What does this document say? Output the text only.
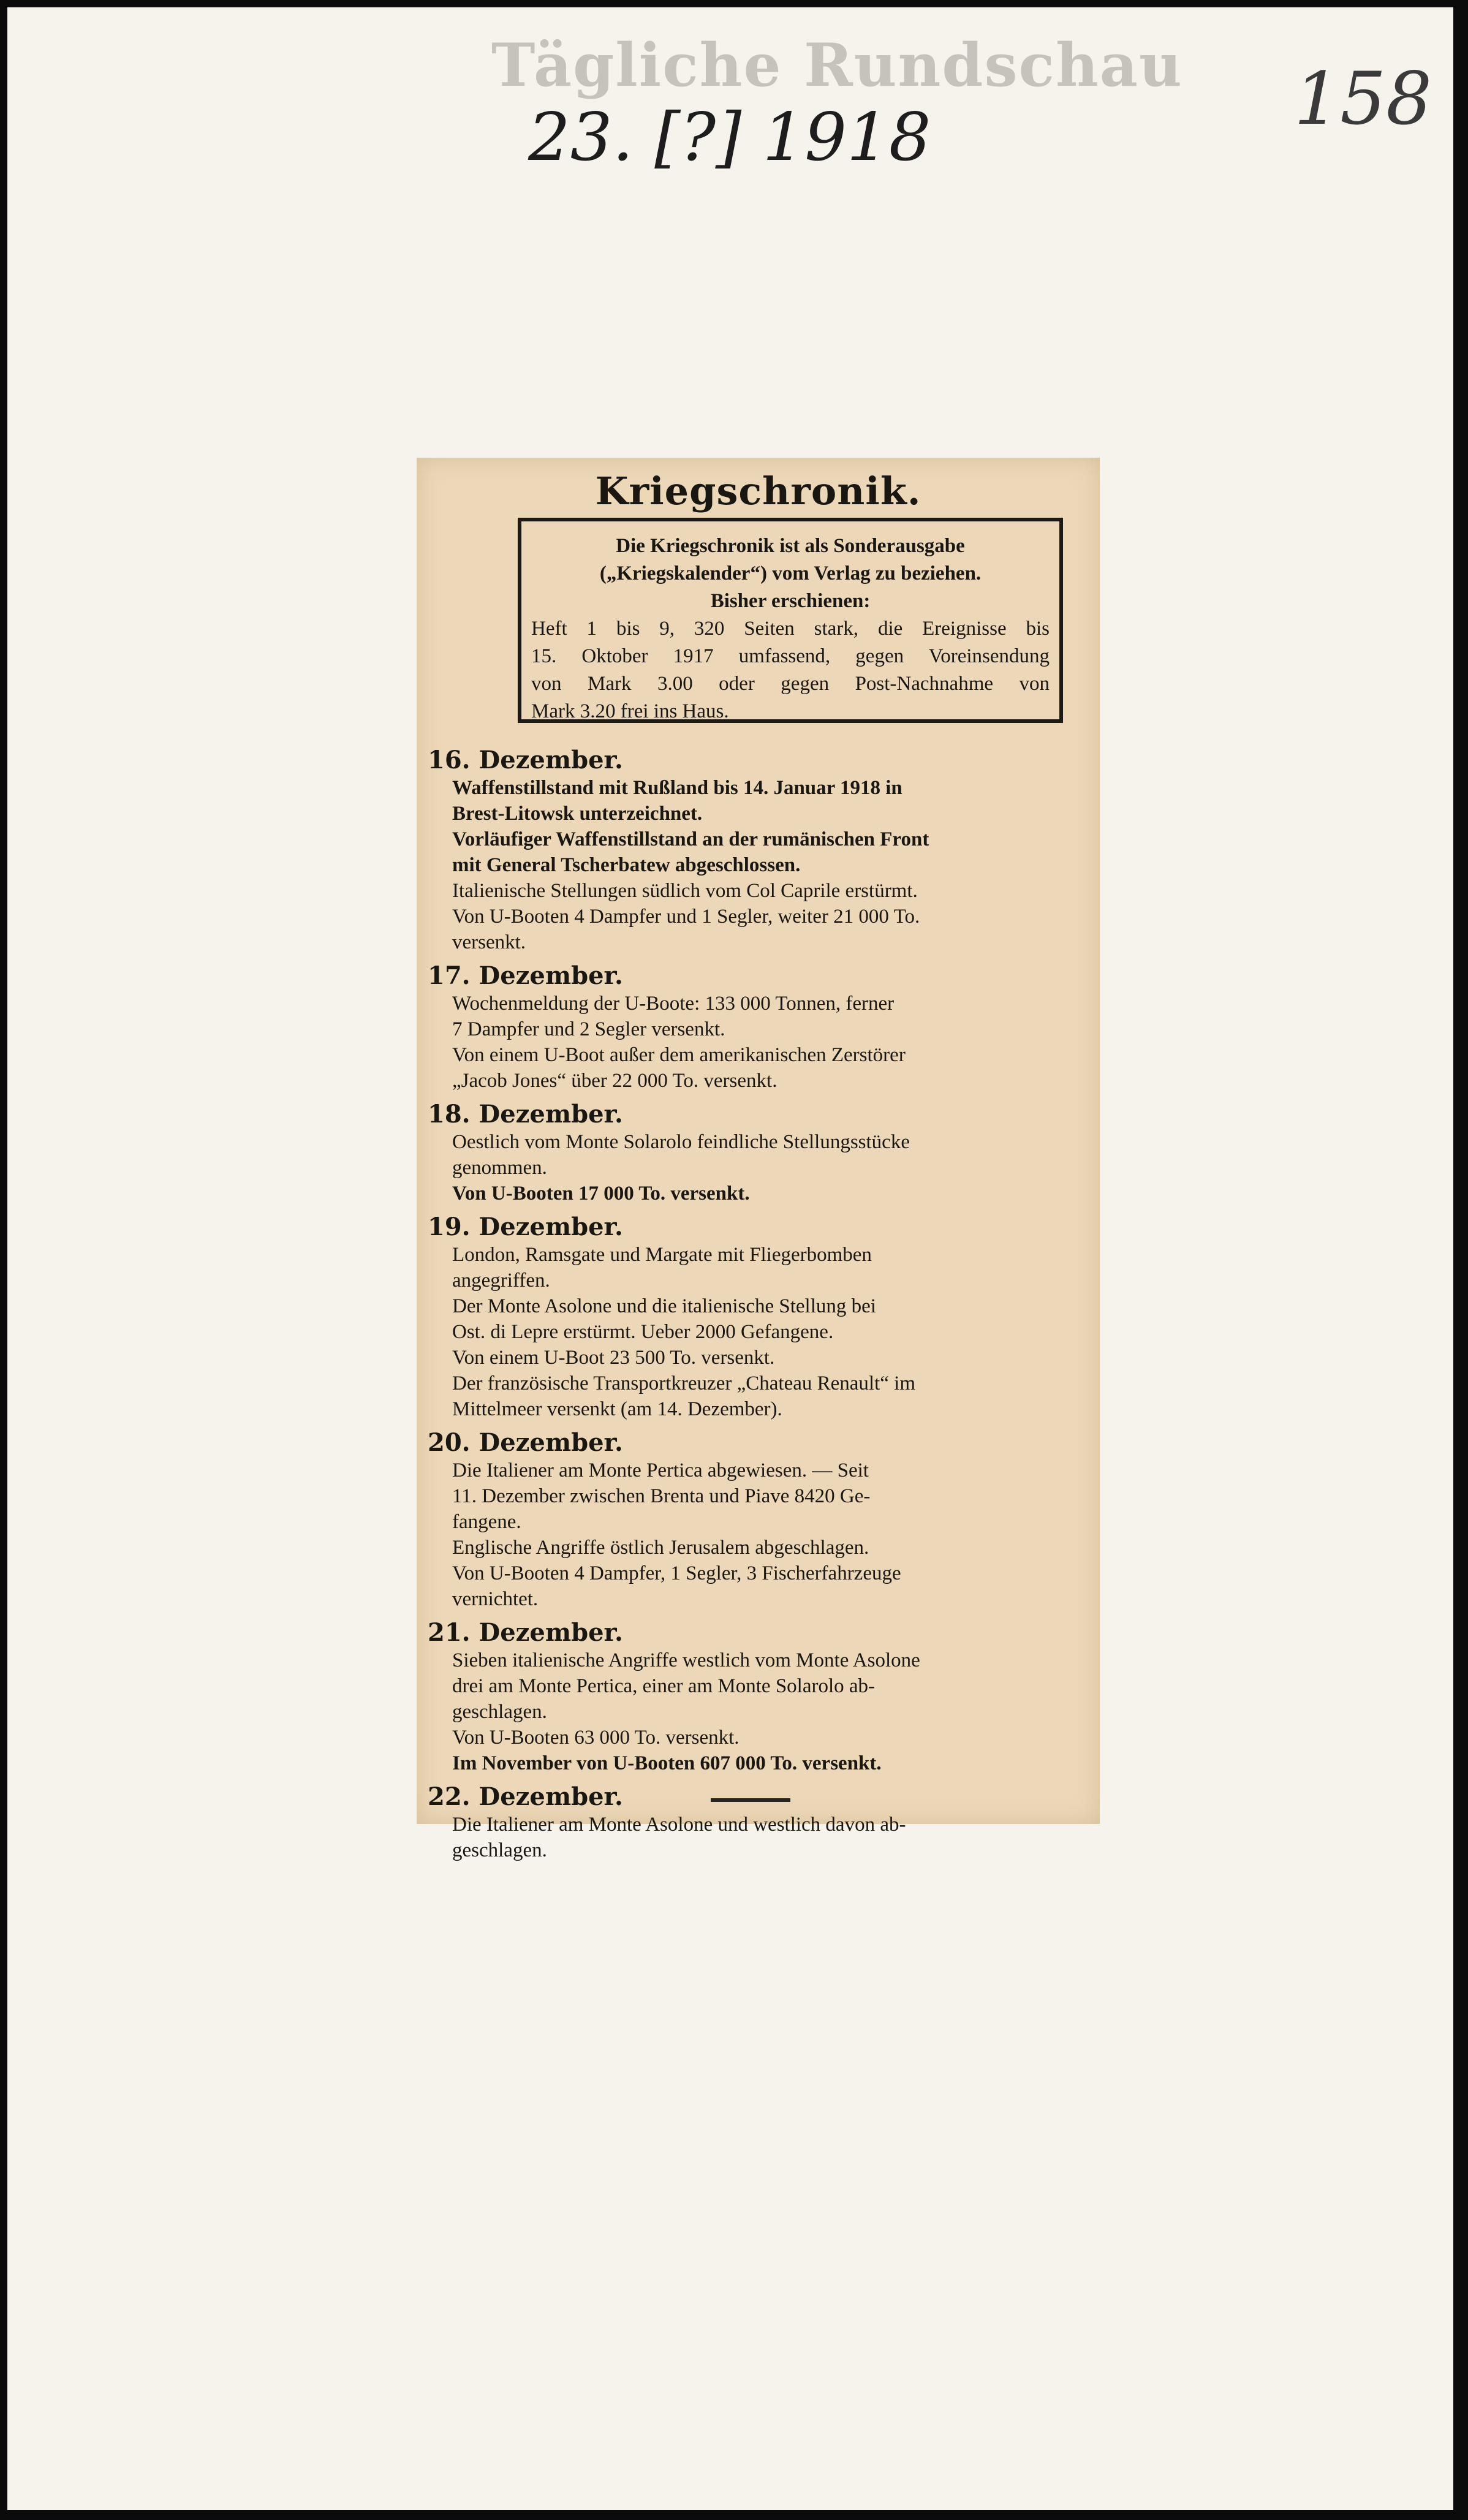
Tägliche Rundschau
23. [?] 1918	158
Kriegschronik.
Die Kriegschronik ist als Sonderausgabe
(„Kriegskalender“) vom Verlag zu beziehen.
Bisher erschienen:
Heft 1 bis 9, 320 Seiten stark, die Ereignisse bis
15. Oktober 1917 umfassend, gegen Voreinsendung
von Mark 3.00 oder gegen Post-Nachnahme von
Mark 3.20 frei ins Haus.
16. Dezember.
Waffenstillstand mit Rußland bis 14. Januar 1918 in
Brest-Litowsk unterzeichnet.
Vorläufiger Waffenstillstand an der rumänischen Front
mit General Tscherbatew abgeschlossen.
Italienische Stellungen südlich vom Col Caprile erstürmt.
Von U-Booten 4 Dampfer und 1 Segler, weiter 21 000 To.
versenkt.
17. Dezember.
Wochenmeldung der U-Boote: 133 000 Tonnen, ferner
7 Dampfer und 2 Segler versenkt.
Von einem U-Boot außer dem amerikanischen Zerstörer
„Jacob Jones“ über 22 000 To. versenkt.
18. Dezember.
Oestlich vom Monte Solarolo feindliche Stellungsstücke
genommen.
Von U-Booten 17 000 To. versenkt.
19. Dezember.
London, Ramsgate und Margate mit Fliegerbomben
angegriffen.
Der Monte Asolone und die italienische Stellung bei
Ost. di Lepre erstürmt. Ueber 2000 Gefangene.
Von einem U-Boot 23 500 To. versenkt.
Der französische Transportkreuzer „Chateau Renault“ im
Mittelmeer versenkt (am 14. Dezember).
20. Dezember.
Die Italiener am Monte Pertica abgewiesen. — Seit
11. Dezember zwischen Brenta und Piave 8420 Ge-
fangene.
Englische Angriffe östlich Jerusalem abgeschlagen.
Von U-Booten 4 Dampfer, 1 Segler, 3 Fischerfahrzeuge
vernichtet.
21. Dezember.
Sieben italienische Angriffe westlich vom Monte Asolone
drei am Monte Pertica, einer am Monte Solarolo ab-
geschlagen.
Von U-Booten 63 000 To. versenkt.
Im November von U-Booten 607 000 To. versenkt.
22. Dezember.
Die Italiener am Monte Asolone und westlich davon ab-
geschlagen.
